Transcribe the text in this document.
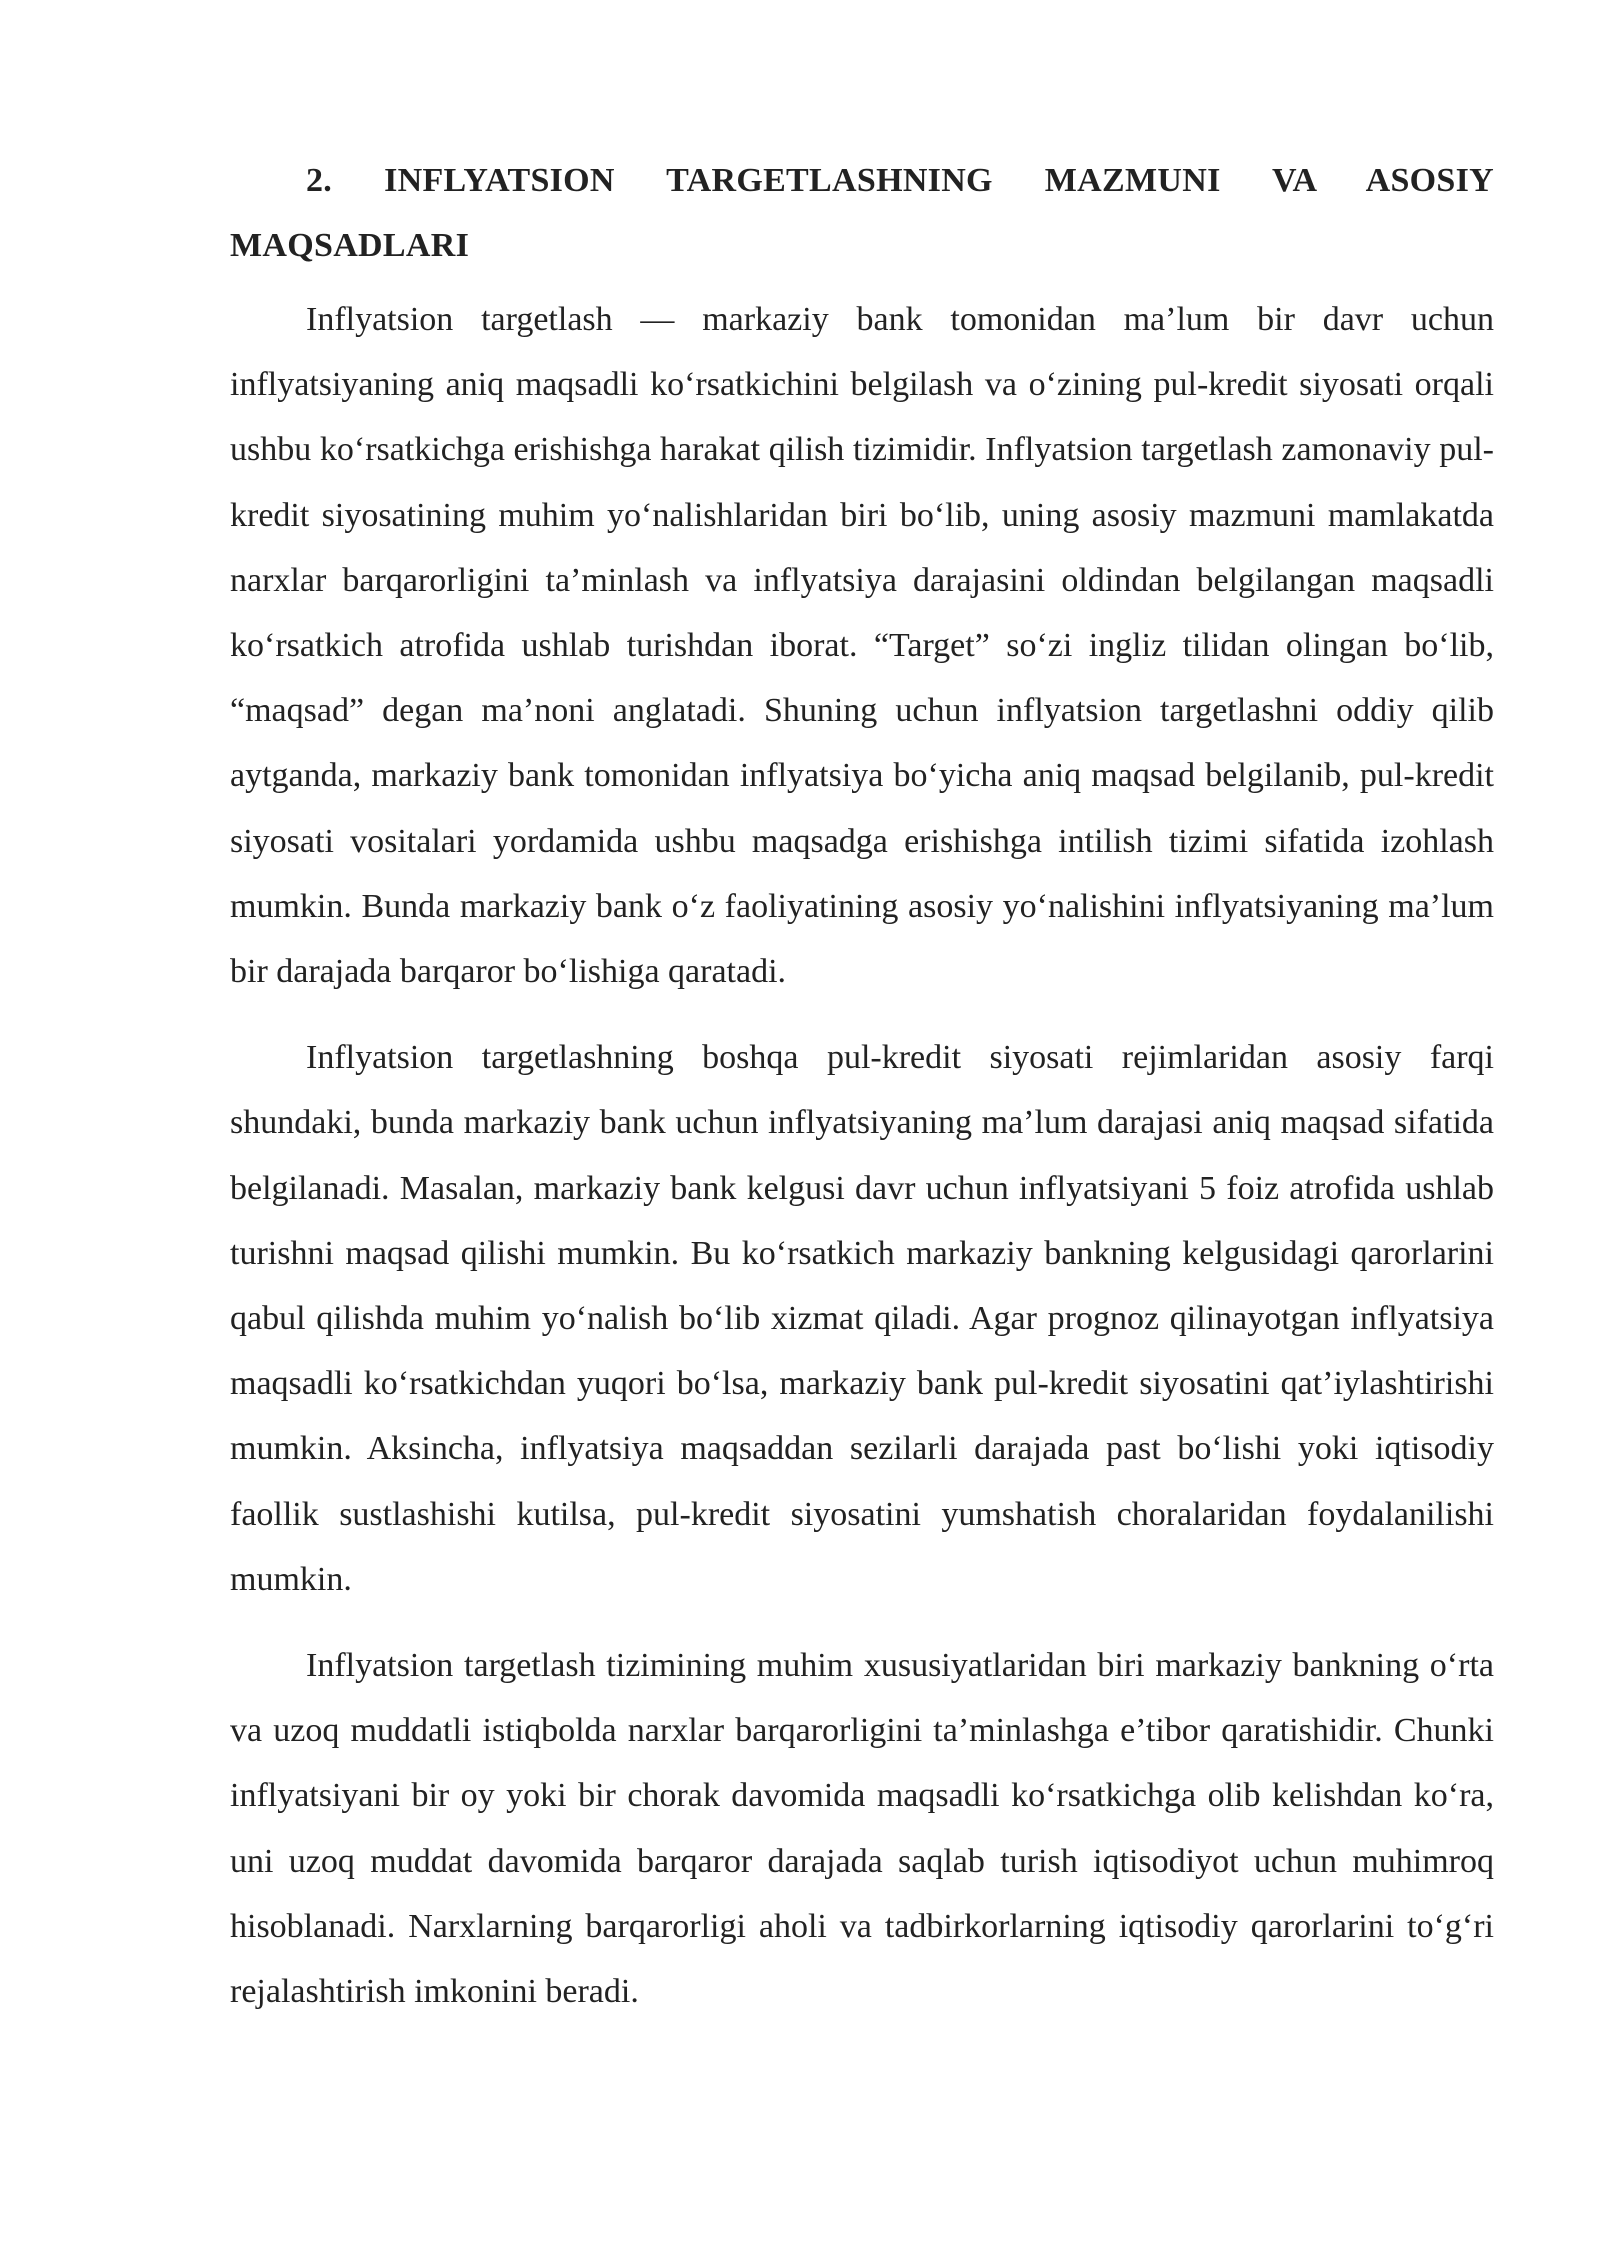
2. INFLYATSION TARGETLASHNING MAZMUNI VA ASOSIY MAQSADLARI

Inflyatsion targetlash — markaziy bank tomonidan ma’lum bir davr uchun inflyatsiyaning aniq maqsadli ko‘rsatkichini belgilash va o‘zining pul-kredit siyosati orqali ushbu ko‘rsatkichga erishishga harakat qilish tizimidir. Inflyatsion targetlash zamonaviy pul-kredit siyosatining muhim yo‘nalishlaridan biri bo‘lib, uning asosiy mazmuni mamlakatda narxlar barqarorligini ta’minlash va inflyatsiya darajasini oldindan belgilangan maqsadli ko‘rsatkich atrofida ushlab turishdan iborat. “Target” so‘zi ingliz tilidan olingan bo‘lib, “maqsad” degan ma’noni anglatadi. Shuning uchun inflyatsion targetlashni oddiy qilib aytganda, markaziy bank tomonidan inflyatsiya bo‘yicha aniq maqsad belgilanib, pul-kredit siyosati vositalari yordamida ushbu maqsadga erishishga intilish tizimi sifatida izohlash mumkin. Bunda markaziy bank o‘z faoliyatining asosiy yo‘nalishini inflyatsiyaning ma’lum bir darajada barqaror bo‘lishiga qaratadi.

Inflyatsion targetlashning boshqa pul-kredit siyosati rejimlaridan asosiy farqi shundaki, bunda markaziy bank uchun inflyatsiyaning ma’lum darajasi aniq maqsad sifatida belgilanadi. Masalan, markaziy bank kelgusi davr uchun inflyatsiyani 5 foiz atrofida ushlab turishni maqsad qilishi mumkin. Bu ko‘rsatkich markaziy bankning kelgusidagi qarorlarini qabul qilishda muhim yo‘nalish bo‘lib xizmat qiladi. Agar prognoz qilinayotgan inflyatsiya maqsadli ko‘rsatkichdan yuqori bo‘lsa, markaziy bank pul-kredit siyosatini qat’iylashtirishi mumkin. Aksincha, inflyatsiya maqsaddan sezilarli darajada past bo‘lishi yoki iqtisodiy faollik sustlashishi kutilsa, pul-kredit siyosatini yumshatish choralaridan foydalanilishi mumkin.

Inflyatsion targetlash tizimining muhim xususiyatlaridan biri markaziy bankning o‘rta va uzoq muddatli istiqbolda narxlar barqarorligini ta’minlashga e’tibor qaratishidir. Chunki inflyatsiyani bir oy yoki bir chorak davomida maqsadli ko‘rsatkichga olib kelishdan ko‘ra, uni uzoq muddat davomida barqaror darajada saqlab turish iqtisodiyot uchun muhimroq hisoblanadi. Narxlarning barqarorligi aholi va tadbirkorlarning iqtisodiy qarorlarini to‘g‘ri rejalashtirish imkonini beradi.
